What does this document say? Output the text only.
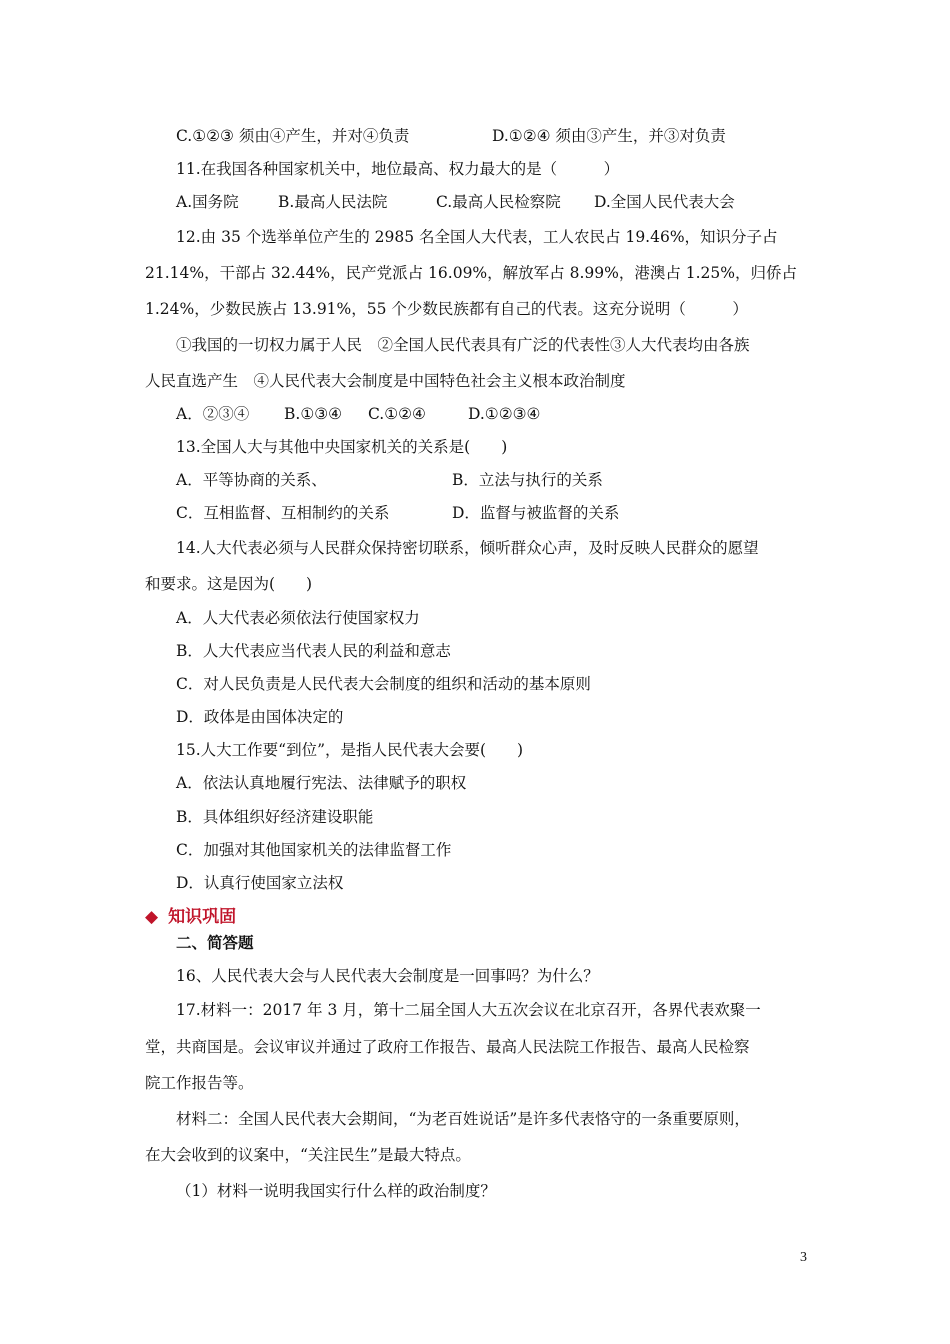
C.①②③ 须由④产生，并对④负责	D.①②④ 须由③产生，并③对负责
11.在我国各种国家机关中，地位最高、权力最大的是（　　　）
A.国务院	B.最高人民法院	C.最高人民检察院 D.全国人民代表大会
12.由 35 个选举单位产生的 2985 名全国人大代表，工人农民占 19.46%，知识分子占
21.14%，干部占 32.44%，民产党派占 16.09%，解放军占 8.99%，港澳占 1.25%，归侨占
1.24%，少数民族占 13.91%，55 个少数民族都有自己的代表。这充分说明（　　　）
①我国的一切权力属于人民　②全国人民代表具有广泛的代表性③人大代表均由各族
人民直选产生　④人民代表大会制度是中国特色社会主义根本政治制度
A．②③④ B.①③④ C.①②④	D.①②③④
13.全国人大与其他中央国家机关的关系是(　　)
A．平等协商的关系、	B．立法与执行的关系
C．互相监督、互相制约的关系	D．监督与被监督的关系
14.人大代表必须与人民群众保持密切联系，倾听群众心声，及时反映人民群众的愿望
和要求。这是因为(　　)
A．人大代表必须依法行使国家权力
B．人大代表应当代表人民的利益和意志
C．对人民负责是人民代表大会制度的组织和活动的基本原则
D．政体是由国体决定的
15.人大工作要“到位”，是指人民代表大会要(　　)
A．依法认真地履行宪法、法律赋予的职权
B．具体组织好经济建设职能
C．加强对其他国家机关的法律监督工作
D．认真行使国家立法权
◆ 知识巩固
二、简答题
16、人民代表大会与人民代表大会制度是一回事吗？为什么？
17.材料一：2017 年 3 月，第十二届全国人大五次会议在北京召开，各界代表欢聚一
堂，共商国是。会议审议并通过了政府工作报告、最高人民法院工作报告、最高人民检察
院工作报告等。
材料二：全国人民代表大会期间，“为老百姓说话”是许多代表恪守的一条重要原则，
在大会收到的议案中，“关注民生”是最大特点。
（1）材料一说明我国实行什么样的政治制度？
3
